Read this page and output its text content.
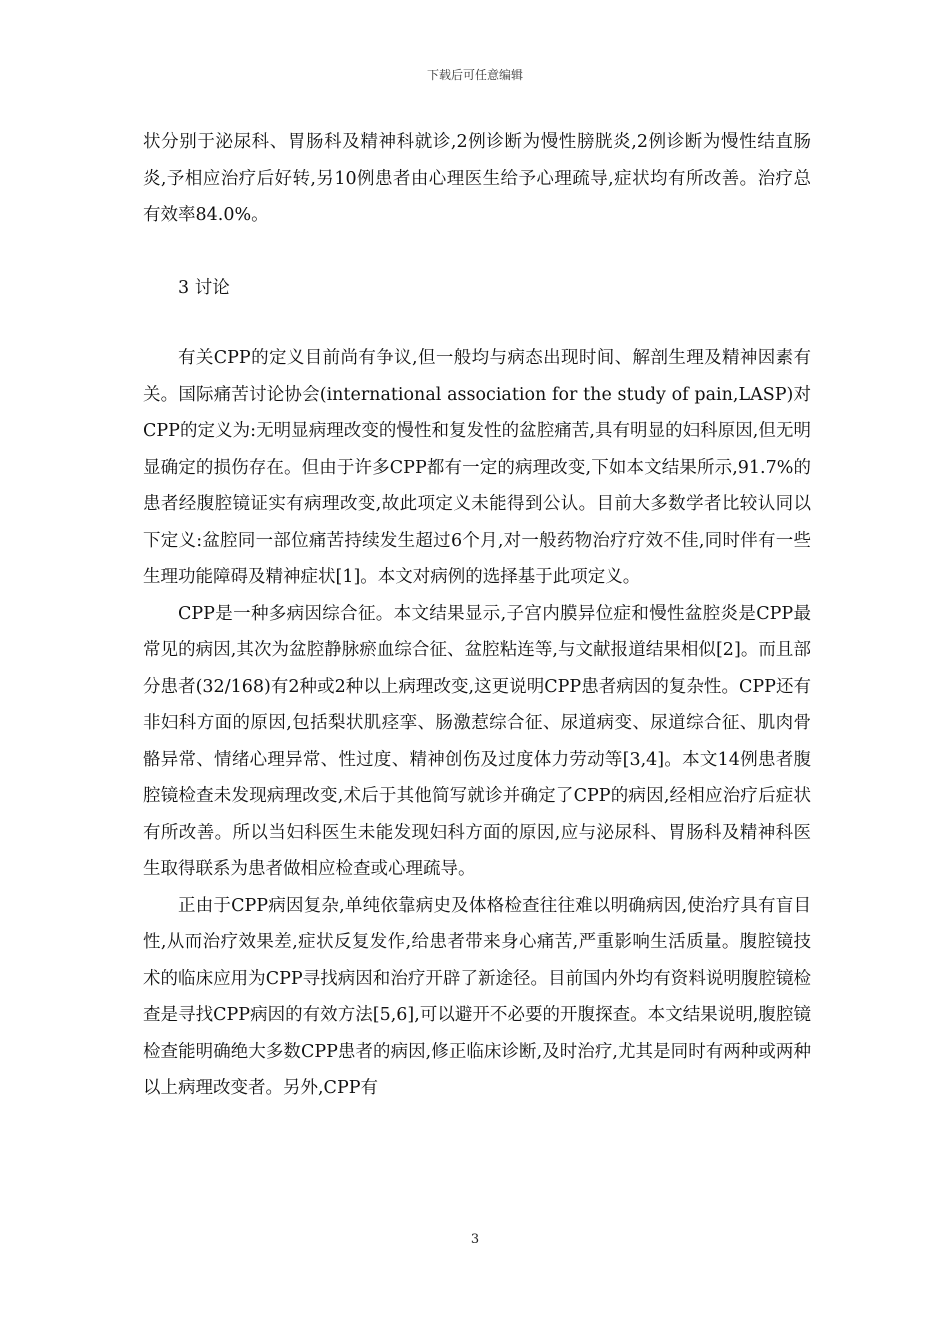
下载后可任意编辑

状分别于泌尿科、胃肠科及精神科就诊,2例诊断为慢性膀胱炎,2例诊断为慢性结直肠炎,予相应治疗后好转,另10例患者由心理医生给予心理疏导,症状均有所改善。治疗总有效率84.0%。

3 讨论

有关CPP的定义目前尚有争议,但一般均与病态出现时间、解剖生理及精神因素有关。国际痛苦讨论协会(international association for the study of pain,LASP)对CPP的定义为:无明显病理改变的慢性和复发性的盆腔痛苦,具有明显的妇科原因,但无明显确定的损伤存在。但由于许多CPP都有一定的病理改变,下如本文结果所示,91.7%的患者经腹腔镜证实有病理改变,故此项定义未能得到公认。目前大多数学者比较认同以下定义:盆腔同一部位痛苦持续发生超过6个月,对一般药物治疗疗效不佳,同时伴有一些生理功能障碍及精神症状[1]。本文对病例的选择基于此项定义。

CPP是一种多病因综合征。本文结果显示,子宫内膜异位症和慢性盆腔炎是CPP最常见的病因,其次为盆腔静脉瘀血综合征、盆腔粘连等,与文献报道结果相似[2]。而且部分患者(32/168)有2种或2种以上病理改变,这更说明CPP患者病因的复杂性。CPP还有非妇科方面的原因,包括梨状肌痉挛、肠激惹综合征、尿道病变、尿道综合征、肌肉骨骼异常、情绪心理异常、性过度、精神创伤及过度体力劳动等[3,4]。本文14例患者腹腔镜检查未发现病理改变,术后于其他简写就诊并确定了CPP的病因,经相应治疗后症状有所改善。所以当妇科医生未能发现妇科方面的原因,应与泌尿科、胃肠科及精神科医生取得联系为患者做相应检查或心理疏导。

正由于CPP病因复杂,单纯依靠病史及体格检查往往难以明确病因,使治疗具有盲目性,从而治疗效果差,症状反复发作,给患者带来身心痛苦,严重影响生活质量。腹腔镜技术的临床应用为CPP寻找病因和治疗开辟了新途径。目前国内外均有资料说明腹腔镜检查是寻找CPP病因的有效方法[5,6],可以避开不必要的开腹探查。本文结果说明,腹腔镜检查能明确绝大多数CPP患者的病因,修正临床诊断,及时治疗,尤其是同时有两种或两种以上病理改变者。另外,CPP有

3
